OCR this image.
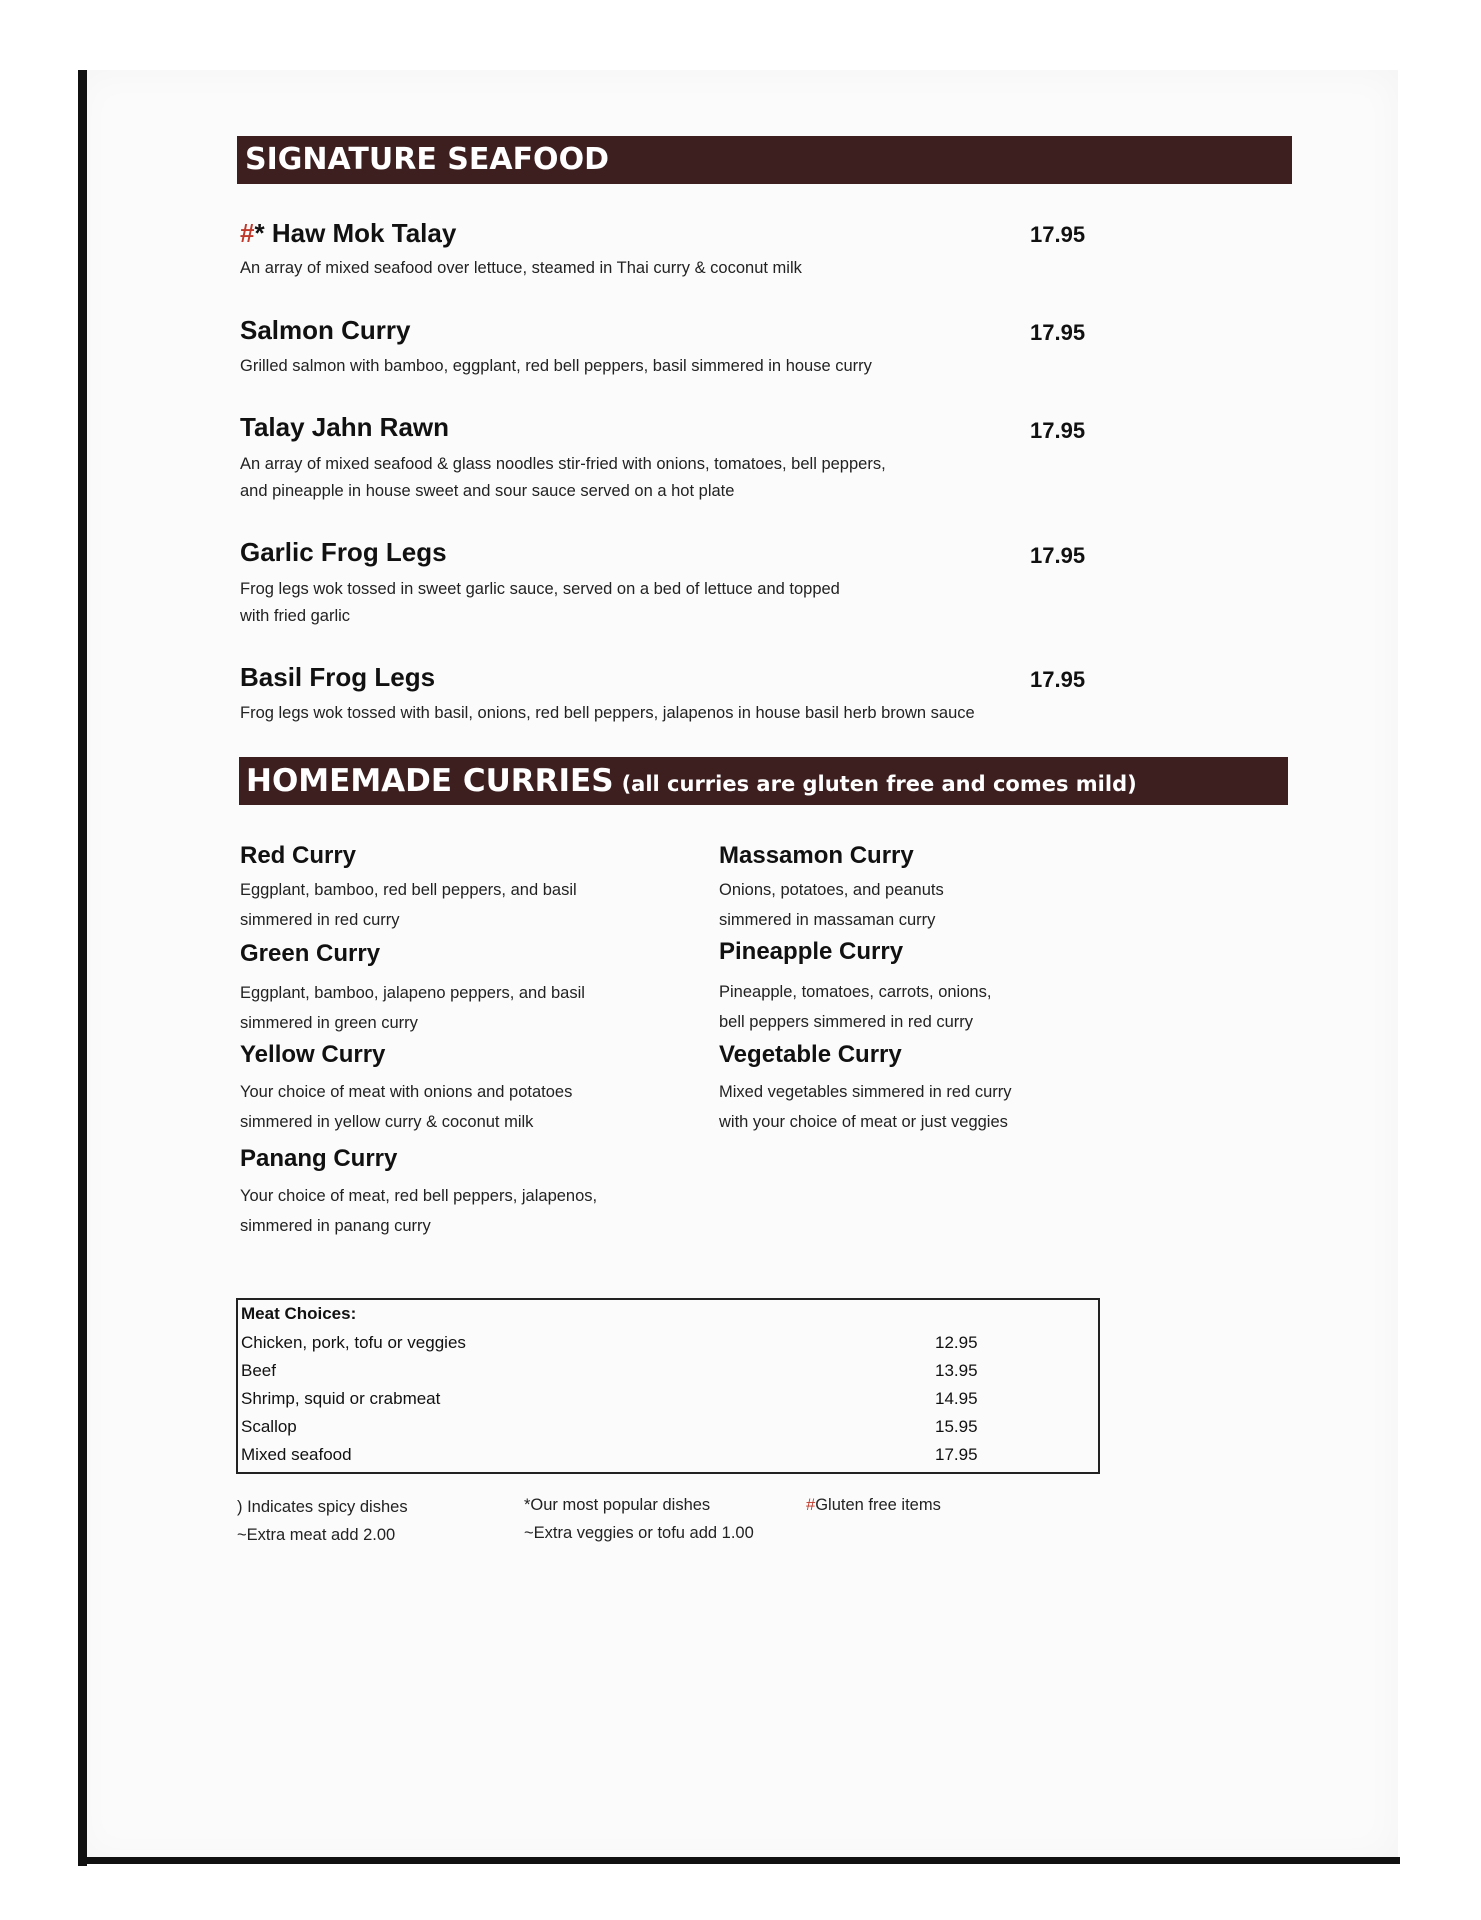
SIGNATURE SEAFOOD
#* Haw Mok Talay	17.95
An array of mixed seafood over lettuce, steamed in Thai curry & coconut milk
Salmon Curry	17.95
Grilled salmon with bamboo, eggplant, red bell peppers, basil simmered in house curry
Talay Jahn Rawn	17.95
An array of mixed seafood & glass noodles stir-fried with onions, tomatoes, bell peppers,
and pineapple in house sweet and sour sauce served on a hot plate
Garlic Frog Legs	17.95
Frog legs wok tossed in sweet garlic sauce, served on a bed of lettuce and topped
with fried garlic
Basil Frog Legs	17.95
Frog legs wok tossed with basil, onions, red bell peppers, jalapenos in house basil herb brown sauce
HOMEMADE CURRIES (all curries are gluten free and comes mild)
Red Curry
Eggplant, bamboo, red bell peppers, and basil
simmered in red curry
Green Curry
Eggplant, bamboo, jalapeno peppers, and basil
simmered in green curry
Yellow Curry
Your choice of meat with onions and potatoes
simmered in yellow curry & coconut milk
Panang Curry
Your choice of meat, red bell peppers, jalapenos,
simmered in panang curry
Massamon Curry
Onions, potatoes, and peanuts
simmered in massaman curry
Pineapple Curry
Pineapple, tomatoes, carrots, onions,
bell peppers simmered in red curry
Vegetable Curry
Mixed vegetables simmered in red curry
with your choice of meat or just veggies
Meat Choices:
Chicken, pork, tofu or veggies	12.95
Beef	13.95
Shrimp, squid or crabmeat	14.95
Scallop	15.95
Mixed seafood	17.95
) Indicates spicy dishes
~Extra meat add 2.00
*Our most popular dishes
~Extra veggies or tofu add 1.00
#Gluten free items
